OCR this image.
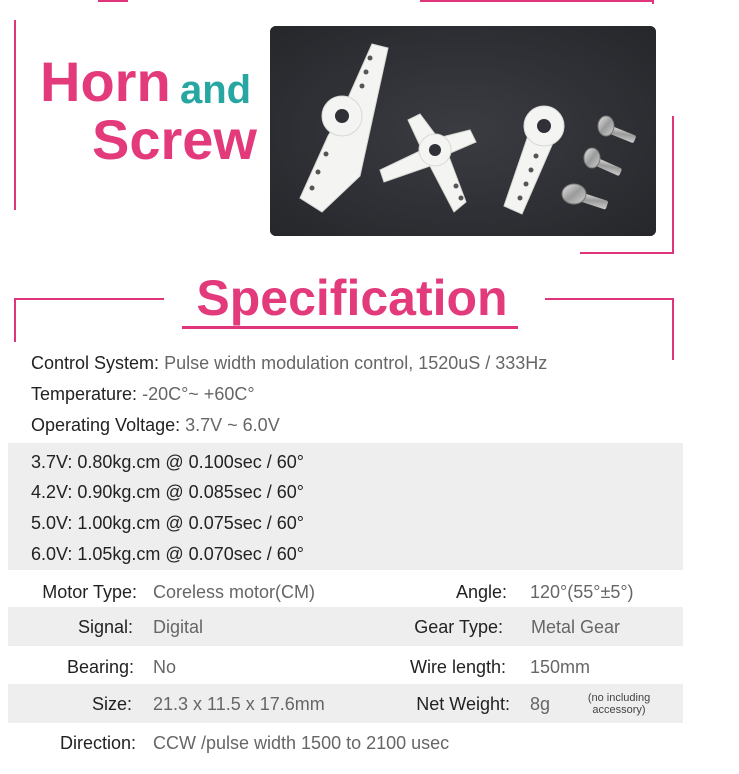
Horn and
Screw
Specification
Control System: Pulse width modulation control, 1520uS / 333Hz
Temperature: -20C°~ +60C°
Operating Voltage: 3.7V ~ 6.0V
3.7V: 0.80kg.cm @ 0.100sec / 60°
4.2V: 0.90kg.cm @ 0.085sec / 60°
5.0V: 1.00kg.cm @ 0.075sec / 60°
6.0V: 1.05kg.cm @ 0.070sec / 60°
Motor Type: Coreless motor(CM)	Angle: 120°(55°±5°)
Signal: Digital	Gear Type: Metal Gear
Bearing: No	Wire length: 150mm
Size: 21.3 x 11.5 x 17.6mm	Net Weight: 8g	(no including
accessory)
Direction: CCW /pulse width 1500 to 2100 usec
